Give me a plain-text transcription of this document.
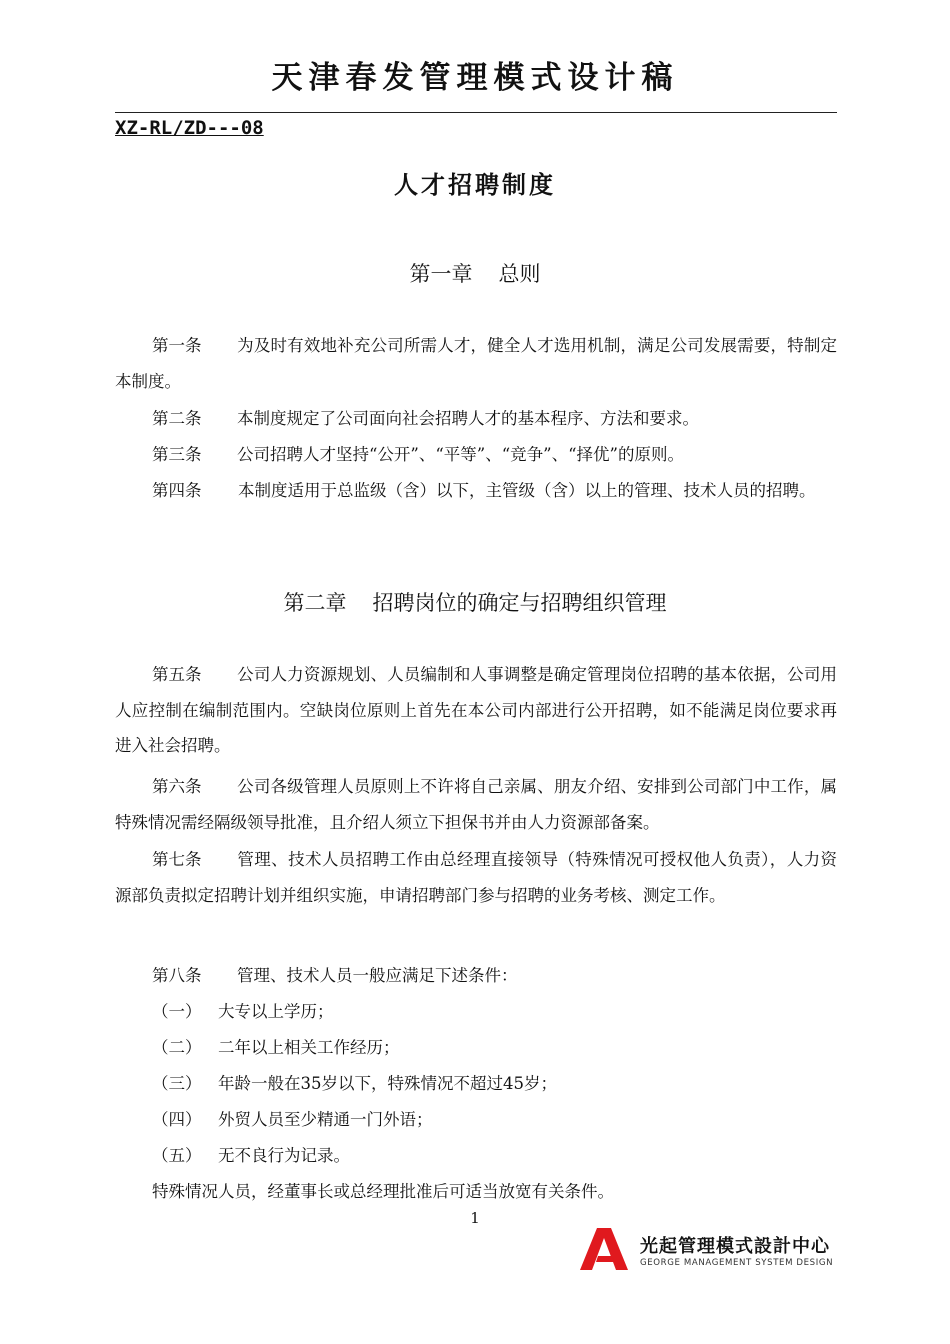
天津春发管理模式设计稿
XZ-RL/ZD---08
人才招聘制度
第一章 总则
第一条 为及时有效地补充公司所需人才，健全人才选用机制，满足公司发展需要，特制定本制度。
第二条 本制度规定了公司面向社会招聘人才的基本程序、方法和要求。
第三条 公司招聘人才坚持“公开”、“平等”、“竞争”、“择优”的原则。
第四条 本制度适用于总监级（含）以下，主管级（含）以上的管理、技术人员的招聘。
第二章 招聘岗位的确定与招聘组织管理
第五条 公司人力资源规划、人员编制和人事调整是确定管理岗位招聘的基本依据，公司用人应控制在编制范围内。空缺岗位原则上首先在本公司内部进行公开招聘，如不能满足岗位要求再进入社会招聘。
第六条 公司各级管理人员原则上不许将自己亲属、朋友介绍、安排到公司部门中工作，属特殊情况需经隔级领导批准，且介绍人须立下担保书并由人力资源部备案。
第七条 管理、技术人员招聘工作由总经理直接领导（特殊情况可授权他人负责），人力资源部负责拟定招聘计划并组织实施，申请招聘部门参与招聘的业务考核、测定工作。
第八条 管理、技术人员一般应满足下述条件：
（一） 大专以上学历；
（二） 二年以上相关工作经历；
（三） 年龄一般在35岁以下，特殊情况不超过45岁；
（四） 外贸人员至少精通一门外语；
（五） 无不良行为记录。
特殊情况人员，经董事长或总经理批准后可适当放宽有关条件。
1
光起管理模式設計中心
GEORGE MANAGEMENT SYSTEM DESIGN
